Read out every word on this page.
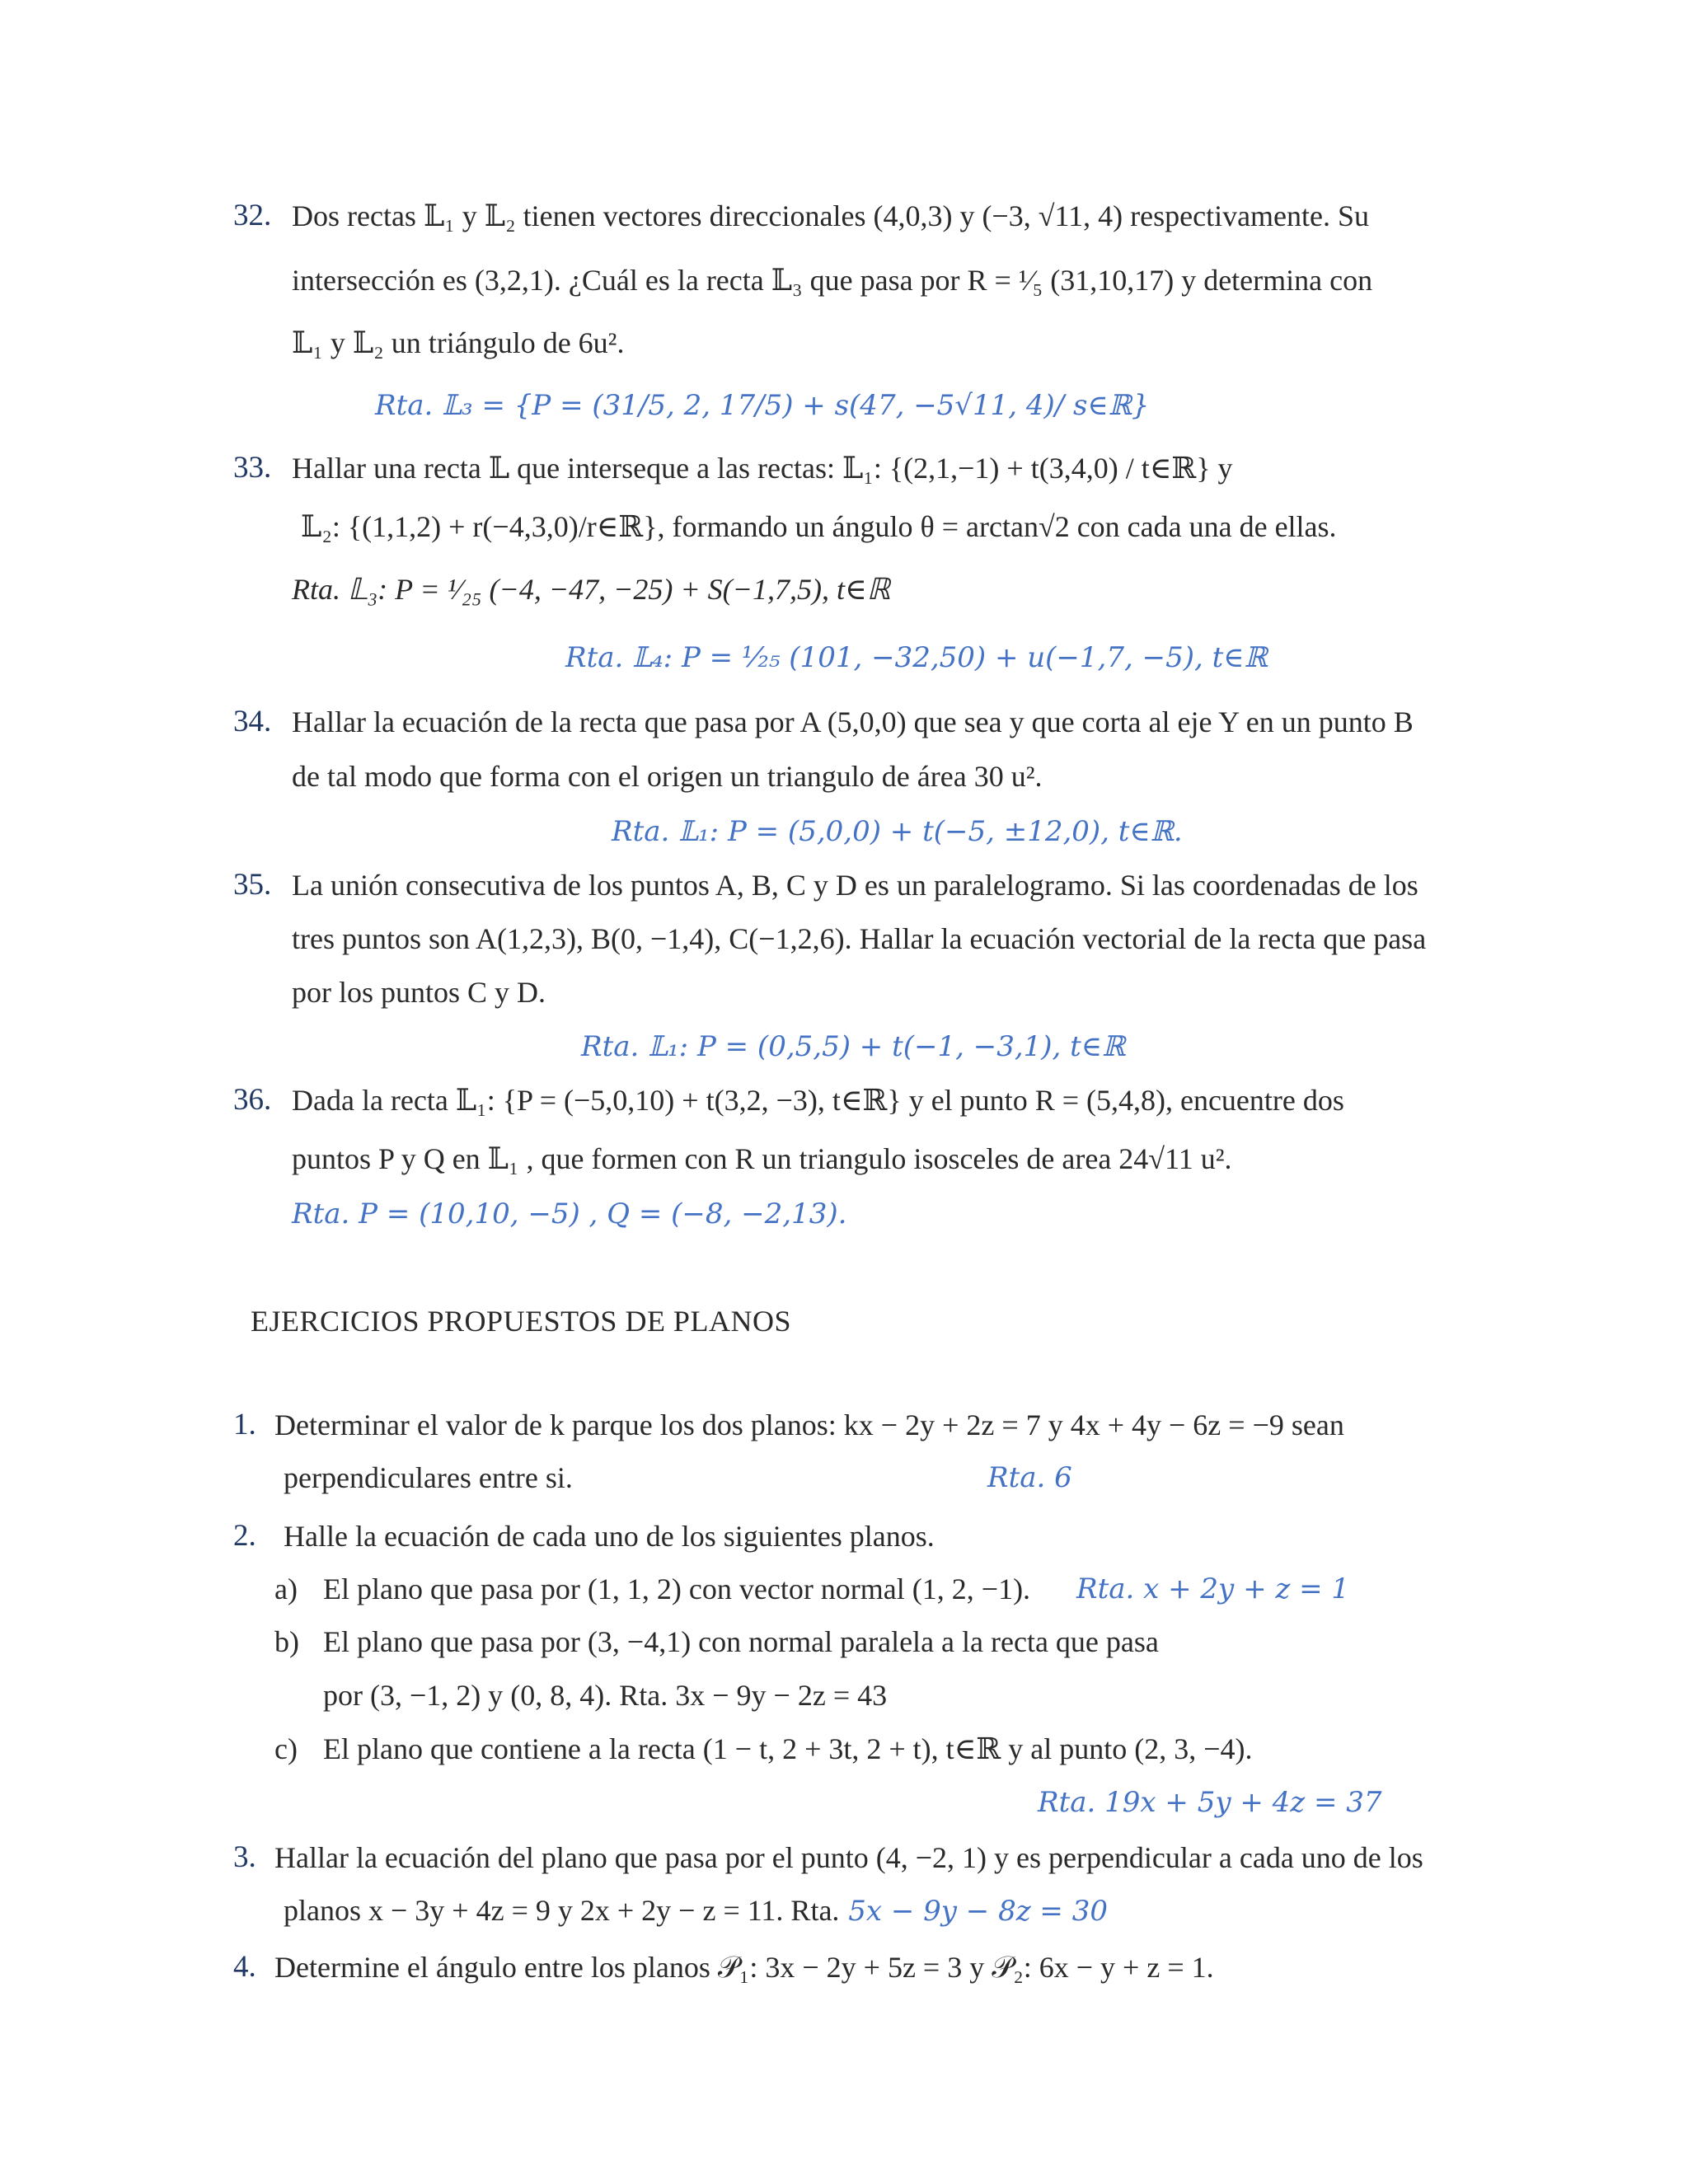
32. Dos rectas 𝕃₁ y 𝕃₂ tienen vectores direccionales (4,0,3) y (−3, √11, 4) respectivamente. Su
intersección es (3,2,1). ¿Cuál es la recta 𝕃₃ que pasa por R = ¹⁄₅ (31,10,17) y determina con
𝕃₁ y 𝕃₂ un triángulo de 6u².
Rta. 𝕃₃ = {P = (31/5, 2, 17/5) + s(47, −5√11, 4)/ s∈ℝ}
33. Hallar una recta 𝕃 que interseque a las rectas: 𝕃₁: {(2,1,−1) + t(3,4,0) / t∈ℝ} y
𝕃₂: {(1,1,2) + r(−4,3,0)/r∈ℝ}, formando un ángulo θ = arctan√2 con cada una de ellas.
Rta. 𝕃₃: P = ¹⁄₂₅ (−4, −47, −25) + S(−1,7,5), t∈ℝ
Rta. 𝕃₄: P = ¹⁄₂₅ (101, −32,50) + u(−1,7, −5), t∈ℝ
34. Hallar la ecuación de la recta que pasa por A (5,0,0) que sea y que corta al eje Y en un punto B
de tal modo que forma con el origen un triangulo de área 30 u².
Rta. 𝕃₁: P = (5,0,0) + t(−5, ±12,0), t∈ℝ.
35. La unión consecutiva de los puntos A, B, C y D es un paralelogramo. Si las coordenadas de los
tres puntos son A(1,2,3), B(0, −1,4), C(−1,2,6). Hallar la ecuación vectorial de la recta que pasa
por los puntos C y D.
Rta. 𝕃₁: P = (0,5,5) + t(−1, −3,1), t∈ℝ
36. Dada la recta 𝕃₁: {P = (−5,0,10) + t(3,2, −3), t∈ℝ} y el punto R = (5,4,8), encuentre dos
puntos P y Q en 𝕃₁ , que formen con R un triangulo isosceles de area 24√11 u².
Rta. P = (10,10, −5) , Q = (−8, −2,13).
EJERCICIOS PROPUESTOS DE PLANOS
1. Determinar el valor de k parque los dos planos: kx − 2y + 2z = 7 y 4x + 4y − 6z = −9 sean
perpendiculares entre si.	Rta. 6
2. Halle la ecuación de cada uno de los siguientes planos.
a) El plano que pasa por (1, 1, 2) con vector normal (1, 2, −1). Rta. x + 2y + z = 1
b) El plano que pasa por (3, −4,1) con normal paralela a la recta que pasa
por (3, −1, 2) y (0, 8, 4). Rta. 3x − 9y − 2z = 43
c) El plano que contiene a la recta (1 − t, 2 + 3t, 2 + t), t∈ℝ y al punto (2, 3, −4).
Rta. 19x + 5y + 4z = 37
3. Hallar la ecuación del plano que pasa por el punto (4, −2, 1) y es perpendicular a cada uno de los
planos x − 3y + 4z = 9 y 2x + 2y − z = 11. Rta. 5x − 9y − 8z = 30
4. Determine el ángulo entre los planos 𝒫₁: 3x − 2y + 5z = 3 y 𝒫₂: 6x − y + z = 1.
